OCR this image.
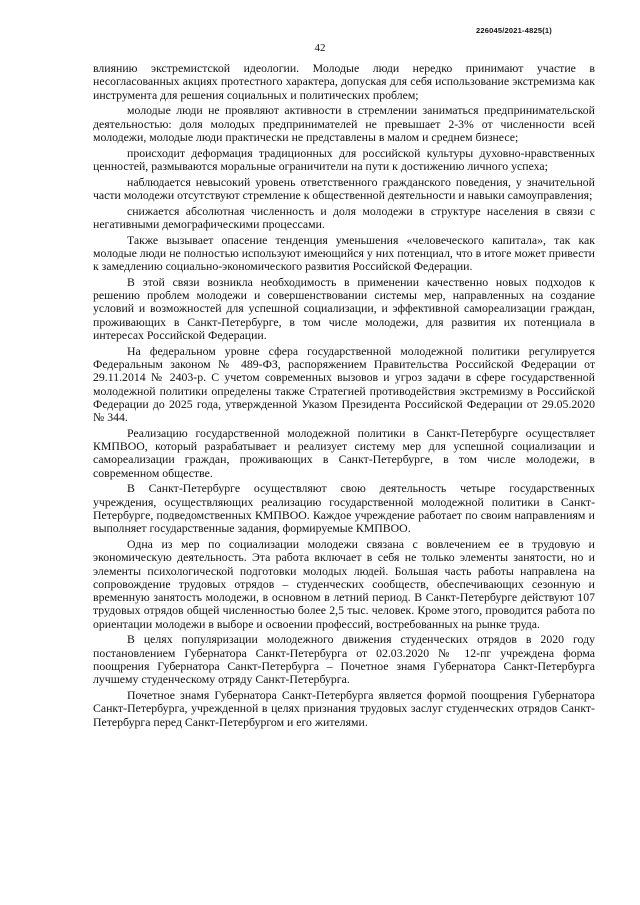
226045/2021-4825(1)
42

влиянию экстремистской идеологии. Молодые люди нередко принимают участие в несогласованных акциях протестного характера, допуская для себя использование экстремизма как инструмента для решения социальных и политических проблем;

молодые люди не проявляют активности в стремлении заниматься предпринимательской деятельностью: доля молодых предпринимателей не превышает 2-3% от численности всей молодежи, молодые люди практически не представлены в малом и среднем бизнесе;

происходит деформация традиционных для российской культуры духовно-нравственных ценностей, размываются моральные ограничители на пути к достижению личного успеха;

наблюдается невысокий уровень ответственного гражданского поведения, у значительной части молодежи отсутствуют стремление к общественной деятельности и навыки самоуправления;

снижается абсолютная численность и доля молодежи в структуре населения в связи с негативными демографическими процессами.

Также вызывает опасение тенденция уменьшения «человеческого капитала», так как молодые люди не полностью используют имеющийся у них потенциал, что в итоге может привести к замедлению социально-экономического развития Российской Федерации.

В этой связи возникла необходимость в применении качественно новых подходов к решению проблем молодежи и совершенствовании системы мер, направленных на создание условий и возможностей для успешной социализации, и эффективной самореализации граждан, проживающих в Санкт-Петербурге, в том числе молодежи, для развития их потенциала в интересах Российской Федерации.

На федеральном уровне сфера государственной молодежной политики регулируется Федеральным законом № 489-ФЗ, распоряжением Правительства Российской Федерации от 29.11.2014 № 2403-р. С учетом современных вызовов и угроз задачи в сфере государственной молодежной политики определены также Стратегией противодействия экстремизму в Российской Федерации до 2025 года, утвержденной Указом Президента Российской Федерации от 29.05.2020 № 344.

Реализацию государственной молодежной политики в Санкт-Петербурге осуществляет КМПВОО, который разрабатывает и реализует систему мер для успешной социализации и самореализации граждан, проживающих в Санкт-Петербурге, в том числе молодежи, в современном обществе.

В Санкт-Петербурге осуществляют свою деятельность четыре государственных учреждения, осуществляющих реализацию государственной молодежной политики в Санкт-Петербурге, подведомственных КМПВОО. Каждое учреждение работает по своим направлениям и выполняет государственные задания, формируемые КМПВОО.

Одна из мер по социализации молодежи связана с вовлечением ее в трудовую и экономическую деятельность. Эта работа включает в себя не только элементы занятости, но и элементы психологической подготовки молодых людей. Большая часть работы направлена на сопровождение трудовых отрядов – студенческих сообществ, обеспечивающих сезонную и временную занятость молодежи, в основном в летний период. В Санкт-Петербурге действуют 107 трудовых отрядов общей численностью более 2,5 тыс. человек. Кроме этого, проводится работа по ориентации молодежи в выборе и освоении профессий, востребованных на рынке труда.

В целях популяризации молодежного движения студенческих отрядов в 2020 году постановлением Губернатора Санкт-Петербурга от 02.03.2020 № 12-пг учреждена форма поощрения Губернатора Санкт-Петербурга – Почетное знамя Губернатора Санкт-Петербурга лучшему студенческому отряду Санкт-Петербурга.

Почетное знамя Губернатора Санкт-Петербурга является формой поощрения Губернатора Санкт-Петербурга, учрежденной в целях признания трудовых заслуг студенческих отрядов Санкт-Петербурга перед Санкт-Петербургом и его жителями.
